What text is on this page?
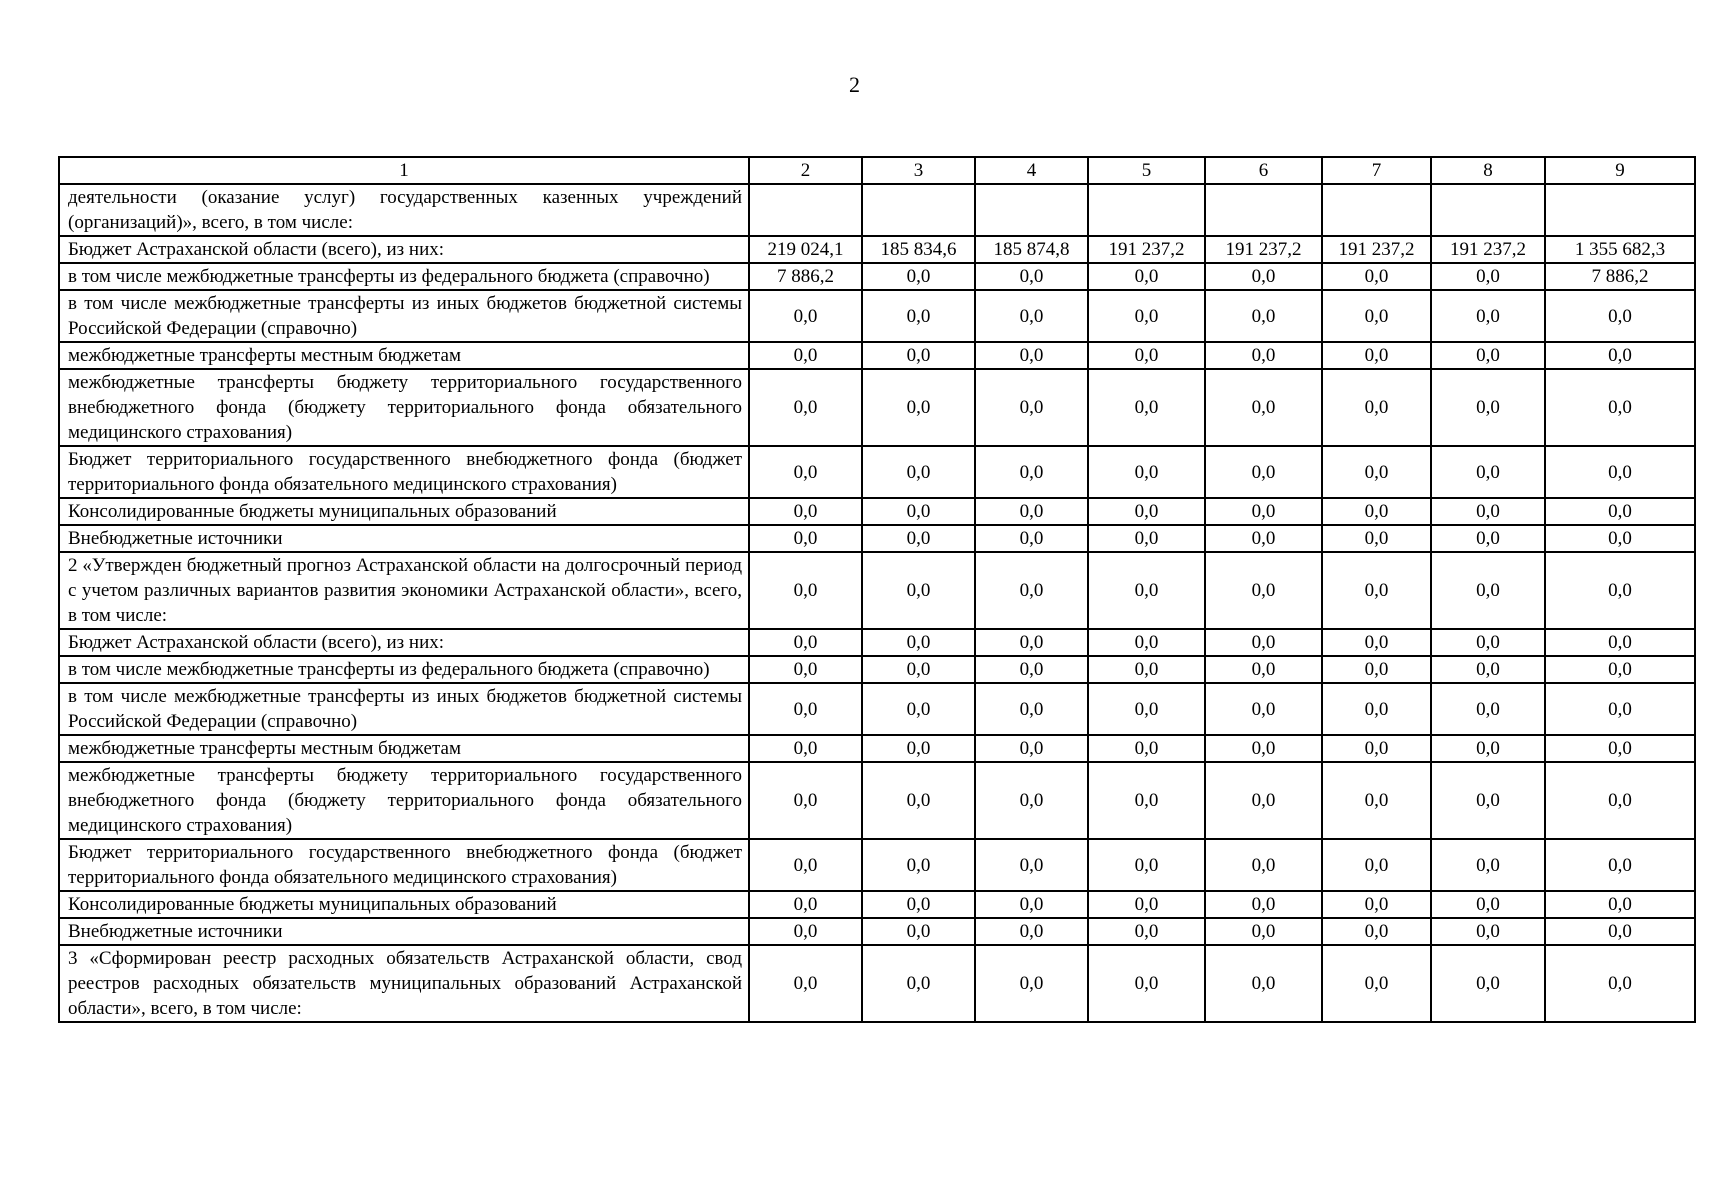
2
1	2	3	4	5	6	7	8	9
деятельности (оказание услуг) государственных казенных учреждений (организаций)», всего, в том числе:								
Бюджет Астраханской области (всего), из них:	219 024,1	185 834,6	185 874,8	191 237,2	191 237,2	191 237,2	191 237,2	1 355 682,3
в том числе межбюджетные трансферты из федерального бюджета (справочно)	7 886,2	0,0	0,0	0,0	0,0	0,0	0,0	7 886,2
в том числе межбюджетные трансферты из иных бюджетов бюджетной системы Российской Федерации (справочно)	0,0	0,0	0,0	0,0	0,0	0,0	0,0	0,0
межбюджетные трансферты местным бюджетам	0,0	0,0	0,0	0,0	0,0	0,0	0,0	0,0
межбюджетные трансферты бюджету территориального государственного внебюджетного фонда (бюджету территориального фонда обязательного медицинского страхования)	0,0	0,0	0,0	0,0	0,0	0,0	0,0	0,0
Бюджет территориального государственного внебюджетного фонда (бюджет территориального фонда обязательного медицинского страхования)	0,0	0,0	0,0	0,0	0,0	0,0	0,0	0,0
Консолидированные бюджеты муниципальных образований	0,0	0,0	0,0	0,0	0,0	0,0	0,0	0,0
Внебюджетные источники	0,0	0,0	0,0	0,0	0,0	0,0	0,0	0,0
2 «Утвержден бюджетный прогноз Астраханской области на долгосрочный период с учетом различных вариантов развития экономики Астраханской области», всего, в том числе:	0,0	0,0	0,0	0,0	0,0	0,0	0,0	0,0
Бюджет Астраханской области (всего), из них:	0,0	0,0	0,0	0,0	0,0	0,0	0,0	0,0
в том числе межбюджетные трансферты из федерального бюджета (справочно)	0,0	0,0	0,0	0,0	0,0	0,0	0,0	0,0
в том числе межбюджетные трансферты из иных бюджетов бюджетной системы Российской Федерации (справочно)	0,0	0,0	0,0	0,0	0,0	0,0	0,0	0,0
межбюджетные трансферты местным бюджетам	0,0	0,0	0,0	0,0	0,0	0,0	0,0	0,0
межбюджетные трансферты бюджету территориального государственного внебюджетного фонда (бюджету территориального фонда обязательного медицинского страхования)	0,0	0,0	0,0	0,0	0,0	0,0	0,0	0,0
Бюджет территориального государственного внебюджетного фонда (бюджет территориального фонда обязательного медицинского страхования)	0,0	0,0	0,0	0,0	0,0	0,0	0,0	0,0
Консолидированные бюджеты муниципальных образований	0,0	0,0	0,0	0,0	0,0	0,0	0,0	0,0
Внебюджетные источники	0,0	0,0	0,0	0,0	0,0	0,0	0,0	0,0
3 «Сформирован реестр расходных обязательств Астраханской области, свод реестров расходных обязательств муниципальных образований Астраханской области», всего, в том числе:	0,0	0,0	0,0	0,0	0,0	0,0	0,0	0,0
